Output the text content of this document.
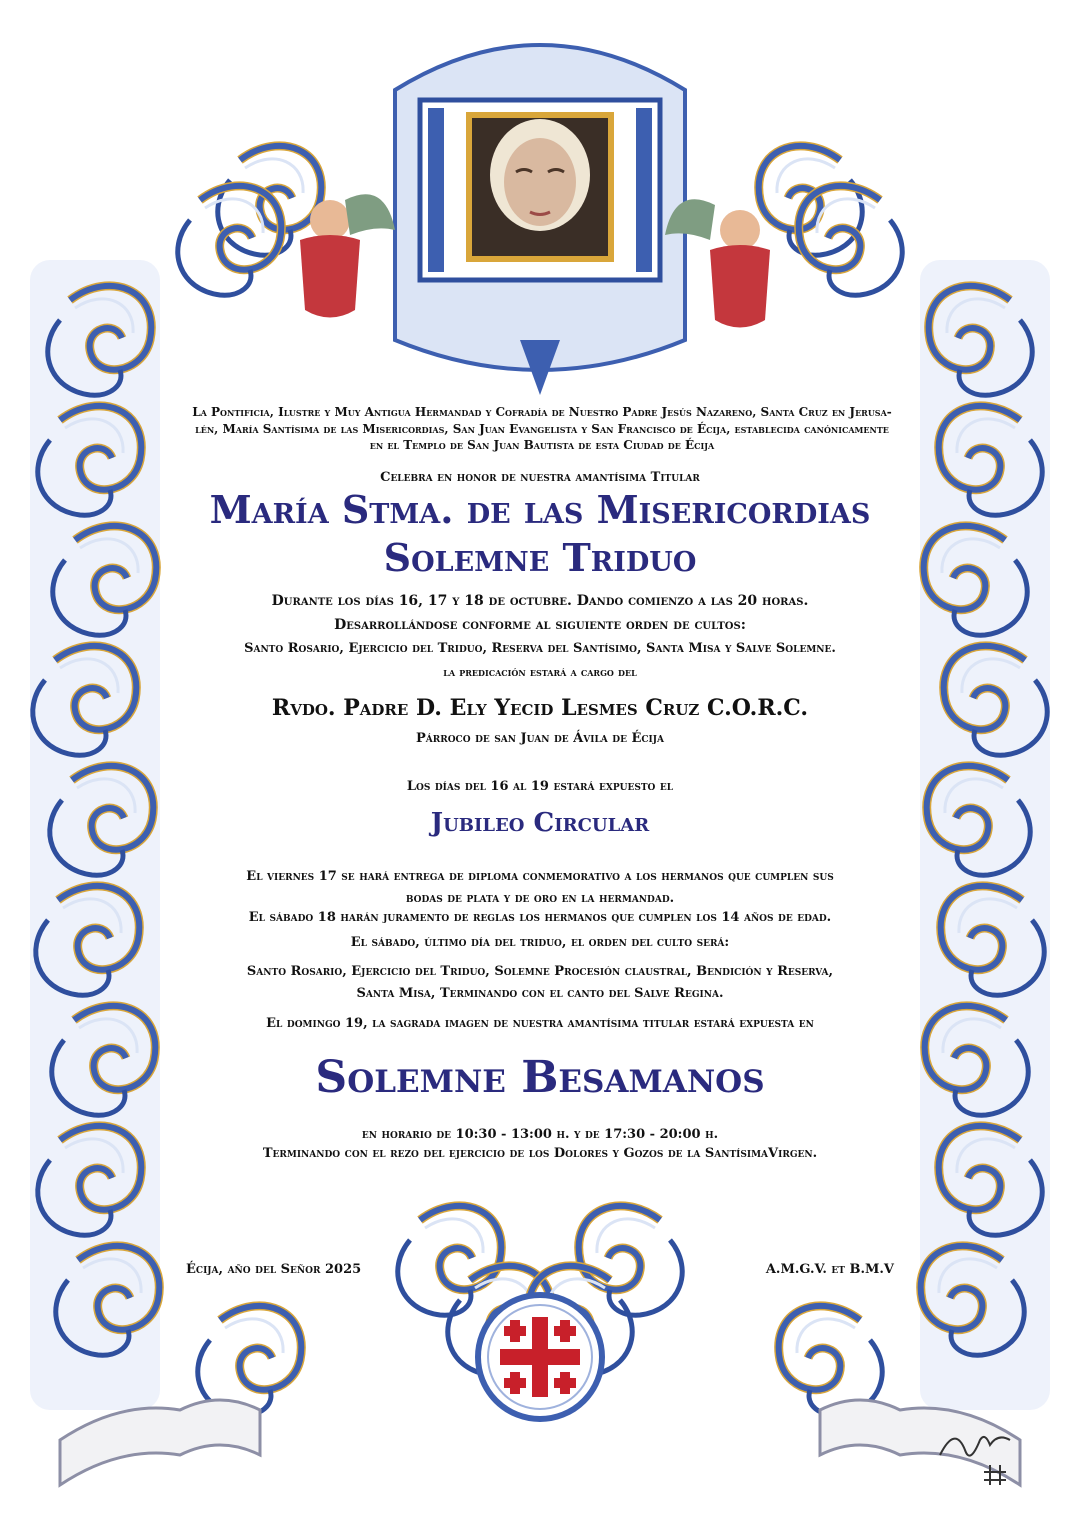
La Pontificia, Ilustre y Muy Antigua Hermandad y Cofradía de Nuestro Padre Jesús Nazareno, Santa Cruz en Jerusa-
lén, María Santísima de las Misericordias, San Juan Evangelista y San Francisco de Écija, establecida canónicamente
en el Templo de San Juan Bautista de esta Ciudad de Écija
Celebra en honor de nuestra amantísima Titular
María Stma. de las Misericordias
Solemne Triduo
Durante los días 16, 17 y 18 de octubre. Dando comienzo a las 20 horas.
Desarrollándose conforme al siguiente orden de cultos:
Santo Rosario, Ejercicio del Triduo, Reserva del Santísimo, Santa Misa y Salve Solemne.
la predicación estará a cargo del
Rvdo. Padre D. Ely Yecid Lesmes Cruz C.O.R.C.
Párroco de san Juan de Ávila de Écija
Los días del 16 al 19 estará expuesto el
Jubileo Circular
El viernes 17 se hará entrega de diploma conmemorativo a los hermanos que cumplen sus
bodas de plata y de oro en la hermandad.
El sábado 18 harán juramento de reglas los hermanos que cumplen los 14 años de edad.
El sábado, último día del triduo, el orden del culto será:
Santo Rosario, Ejercicio del Triduo, Solemne Procesión claustral, Bendición y Reserva,
Santa Misa, Terminando con el canto del Salve Regina.
El domingo 19, la sagrada imagen de nuestra amantísima titular estará expuesta en
Solemne Besamanos
en horario de 10:30 - 13:00 h. y de 17:30 - 20:00 h.
Terminando con el rezo del ejercicio de los Dolores y Gozos de la SantísimaVirgen.
Écija, año del Señor 2025	A.M.G.V. et B.M.V
